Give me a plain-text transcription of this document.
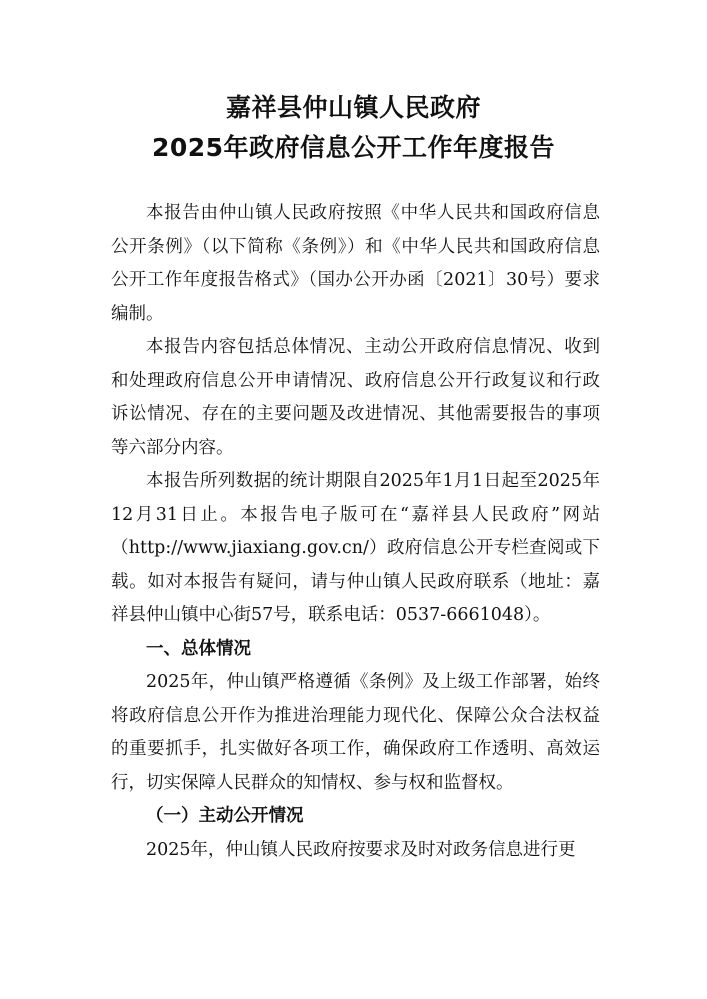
嘉祥县仲山镇人民政府
2025年政府信息公开工作年度报告

本报告由仲山镇人民政府按照《中华人民共和国政府信息公开条例》（以下简称《条例》）和《中华人民共和国政府信息公开工作年度报告格式》（国办公开办函〔2021〕30号）要求编制。

本报告内容包括总体情况、主动公开政府信息情况、收到和处理政府信息公开申请情况、政府信息公开行政复议和行政诉讼情况、存在的主要问题及改进情况、其他需要报告的事项等六部分内容。

本报告所列数据的统计期限自2025年1月1日起至2025年12月31日止。本报告电子版可在“嘉祥县人民政府”网站（http://www.jiaxiang.gov.cn/）政府信息公开专栏查阅或下载。如对本报告有疑问，请与仲山镇人民政府联系（地址：嘉祥县仲山镇中心街57号，联系电话：0537-6661048）。

一、总体情况

2025年，仲山镇严格遵循《条例》及上级工作部署，始终将政府信息公开作为推进治理能力现代化、保障公众合法权益的重要抓手，扎实做好各项工作，确保政府工作透明、高效运行，切实保障人民群众的知情权、参与权和监督权。

（一）主动公开情况

2025年，仲山镇人民政府按要求及时对政务信息进行更
